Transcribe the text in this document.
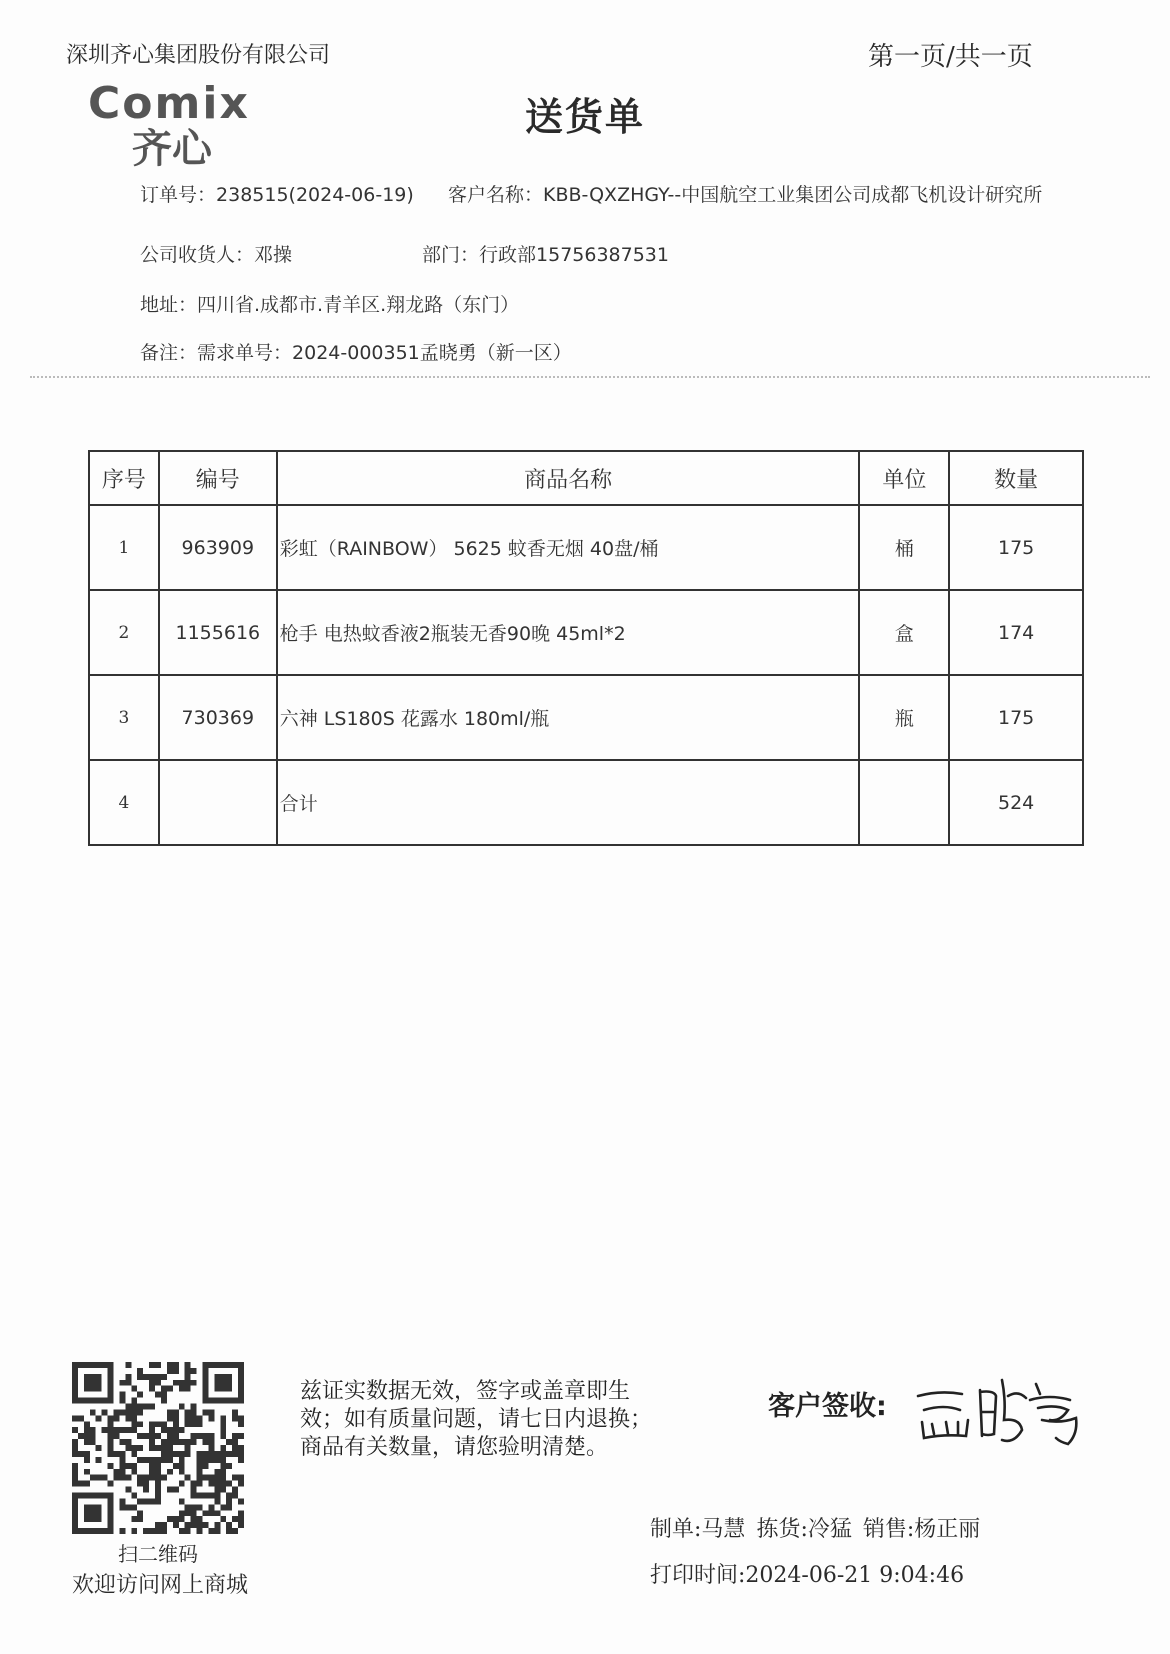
深圳齐心集团股份有限公司	第一页/共一页
Comix
齐心
送货单
订单号：238515(2024-06-19) 客户名称：KBB-QXZHGY--中国航空工业集团公司成都飞机设计研究所
公司收货人：邓操	部门：行政部15756387531
地址：四川省.成都市.青羊区.翔龙路（东门）
备注：需求单号：2024-000351孟晓勇（新一区）
序号	编号	商品名称	单位	数量
1	963909	彩虹（RAINBOW） 5625 蚊香无烟 40盘/桶	桶	175
2	1155616	枪手 电热蚊香液2瓶装无香90晚 45ml*2	盒	174
3	730369	六神 LS180S 花露水 180ml/瓶	瓶	175
4		合计		524
扫二维码
欢迎访问网上商城
兹证实数据无效，签字或盖章即生
效；如有质量问题，请七日内退换；
商品有关数量，请您验明清楚。
客户签收:
制单:马慧 拣货:冷猛 销售:杨正丽
打印时间:2024-06-21 9:04:46
